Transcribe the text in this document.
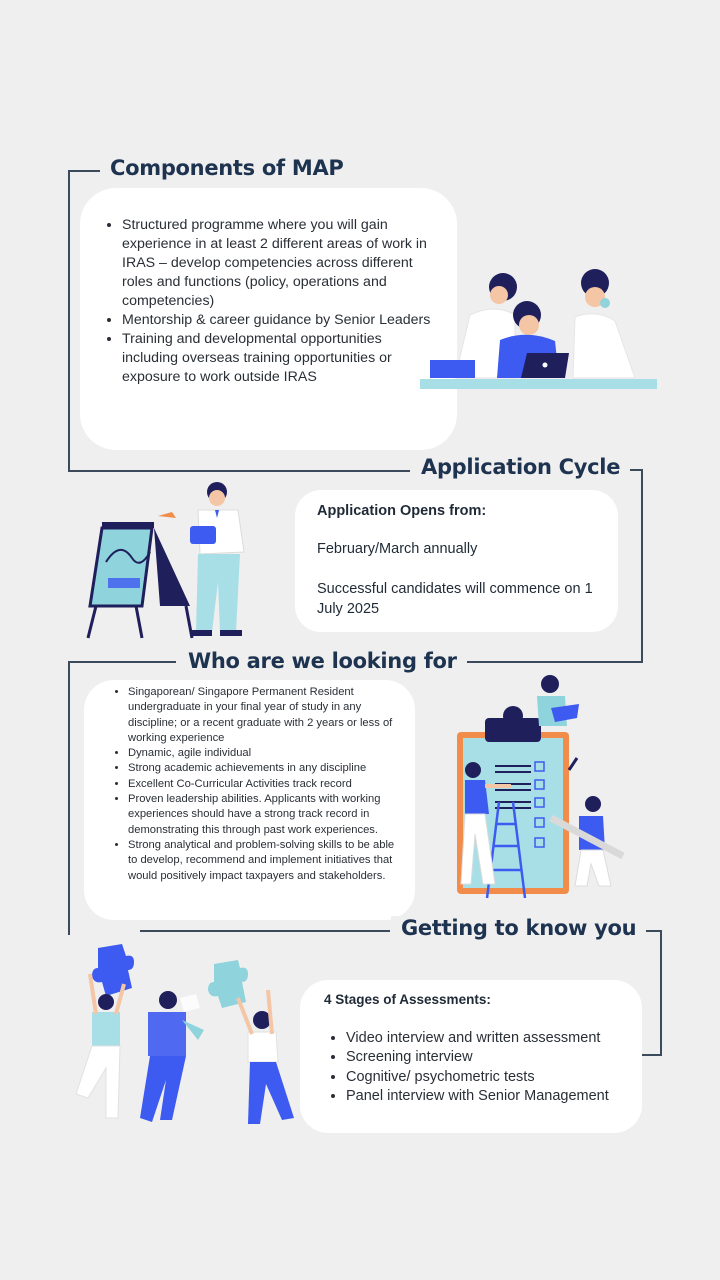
Components of MAP
• Structured programme where you will gain experience in at least 2 different areas of work in IRAS – develop competencies across different roles and functions (policy, operations and competencies)
• Mentorship & career guidance by Senior Leaders
• Training and developmental opportunities including overseas training opportunities or exposure to work outside IRAS
Application Cycle
Application Opens from:
February/March annually
Successful candidates will commence on 1 July 2025
Who are we looking for
• Singaporean/ Singapore Permanent Resident undergraduate in your final year of study in any discipline; or a recent graduate with 2 years or less of working experience
• Dynamic, agile individual
• Strong academic achievements in any discipline
• Excellent Co-Curricular Activities track record
• Proven leadership abilities. Applicants with working experiences should have a strong track record in demonstrating this through past work experiences.
• Strong analytical and problem-solving skills to be able to develop, recommend and implement initiatives that would positively impact taxpayers and stakeholders.
Getting to know you
4 Stages of Assessments:
• Video interview and written assessment
• Screening interview
• Cognitive/ psychometric tests
• Panel interview with Senior Management
